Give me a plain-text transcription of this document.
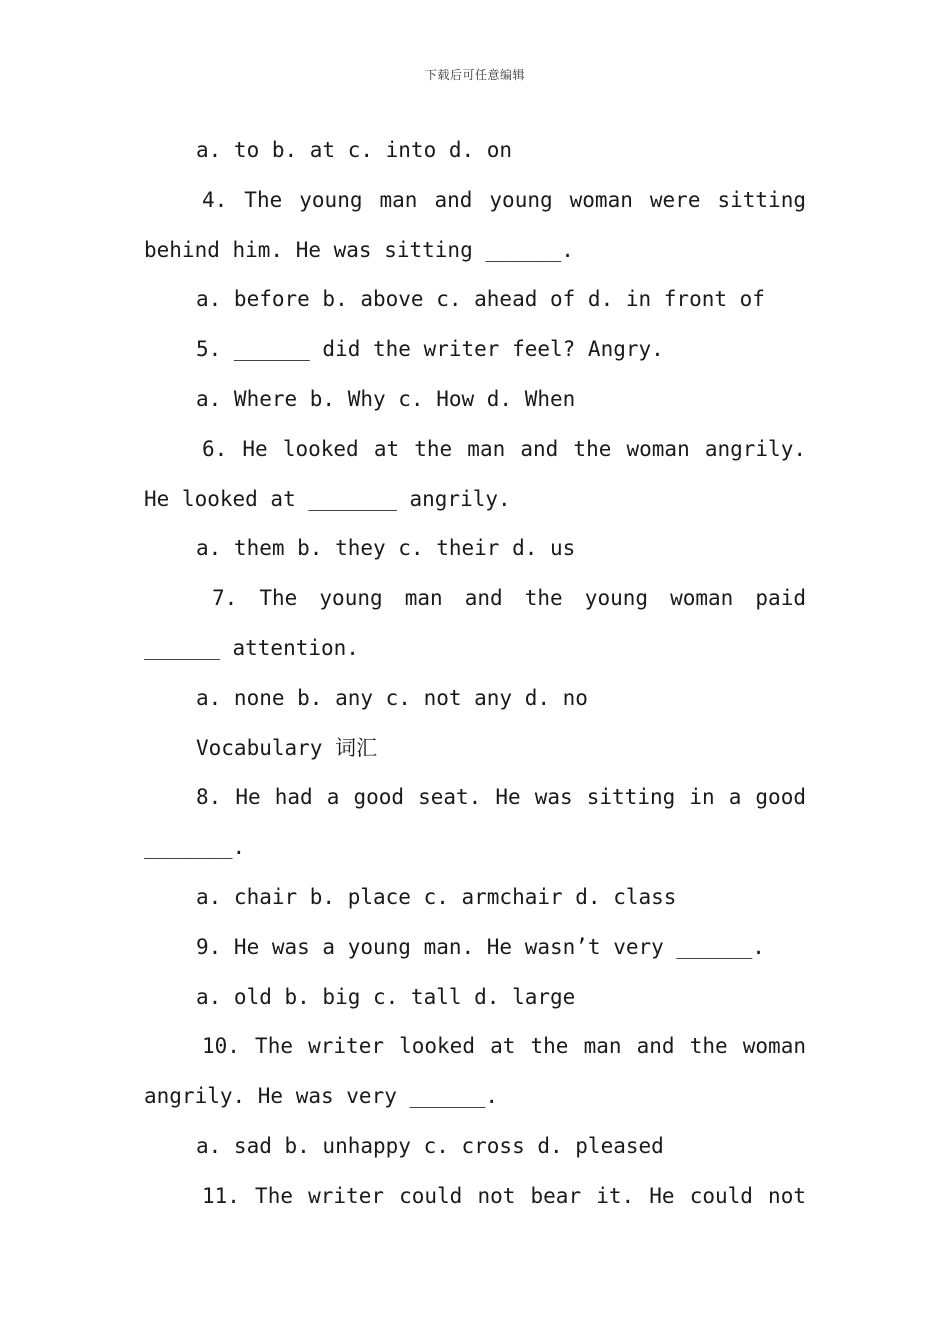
下载后可任意编辑
a. to b. at c. into d. on
4. The young man and young woman were sitting
behind him. He was sitting ______.
a. before b. above c. ahead of d. in front of
5. ______ did the writer feel? Angry.
a. Where b. Why c. How d. When
6. He looked at the man and the woman angrily.
He looked at _______ angrily.
a. them b. they c. their d. us
7. The young man and the young woman paid
______ attention.
a. none b. any c. not any d. no
Vocabulary 词汇
8. He had a good seat. He was sitting in a good
_______.
a. chair b. place c. armchair d. class
9. He was a young man. He wasn’t very ______.
a. old b. big c. tall d. large
10. The writer looked at the man and the woman
angrily. He was very ______.
a. sad b. unhappy c. cross d. pleased
11. The writer could not bear it. He could not
